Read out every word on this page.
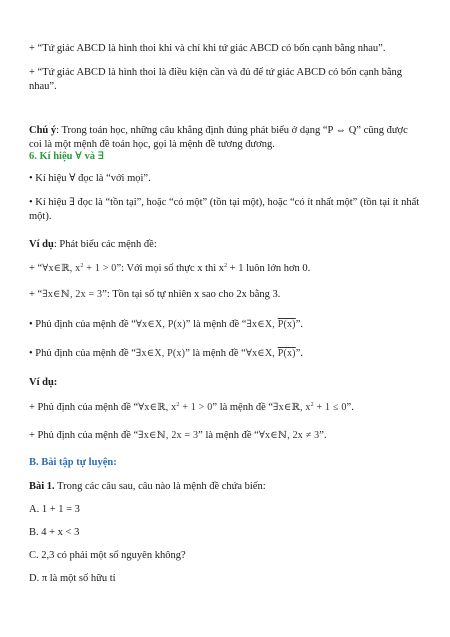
+ “Tứ giác ABCD là hình thoi khi và chỉ khi tứ giác ABCD có bốn cạnh bằng nhau”.

+ “Tứ giác ABCD là hình thoi là điều kiện cần và đủ để tứ giác ABCD có bốn cạnh bằng nhau”.

Chú ý: Trong toán học, những câu khẳng định đúng phát biểu ở dạng “P ⇔ Q” cũng được coi là một mệnh đề toán học, gọi là mệnh đề tương đương.

6. Kí hiệu ∀ và ∃

• Kí hiệu ∀ đọc là “với mọi”.

• Kí hiệu ∃ đọc là “tồn tại”, hoặc “có một” (tồn tại một), hoặc “có ít nhất một” (tồn tại ít nhất một).

Ví dụ: Phát biểu các mệnh đề:

+ “∀x∈ℝ, $x^2 + 1 > 0$”: Với mọi số thực x thì $x^2 + 1$ luôn lớn hơn 0.

+ “∃x∈ℕ, 2x = 3”: Tồn tại số tự nhiên x sao cho 2x bằng 3.

• Phủ định của mệnh đề “∀x∈X, P(x)” là mệnh đề “∃x∈X, P(x)”.

• Phủ định của mệnh đề “∃x∈X, P(x)” là mệnh đề “∀x∈X, P(x)”.

Ví dụ:

+ Phủ định của mệnh đề “∀x∈ℝ, $x^2 + 1 > 0$” là mệnh đề “∃x∈ℝ, $x^2 + 1 \le 0$”.

+ Phủ định của mệnh đề “∃x∈ℕ, 2x = 3” là mệnh đề “∀x∈ℕ, 2x ≠ 3”.

B. Bài tập tự luyện:

Bài 1. Trong các câu sau, câu nào là mệnh đề chứa biến:

A. 1 + 1 = 3

B. 4 + x < 3

C. 2,3 có phải một số nguyên không?

D. π là một số hữu tỉ
